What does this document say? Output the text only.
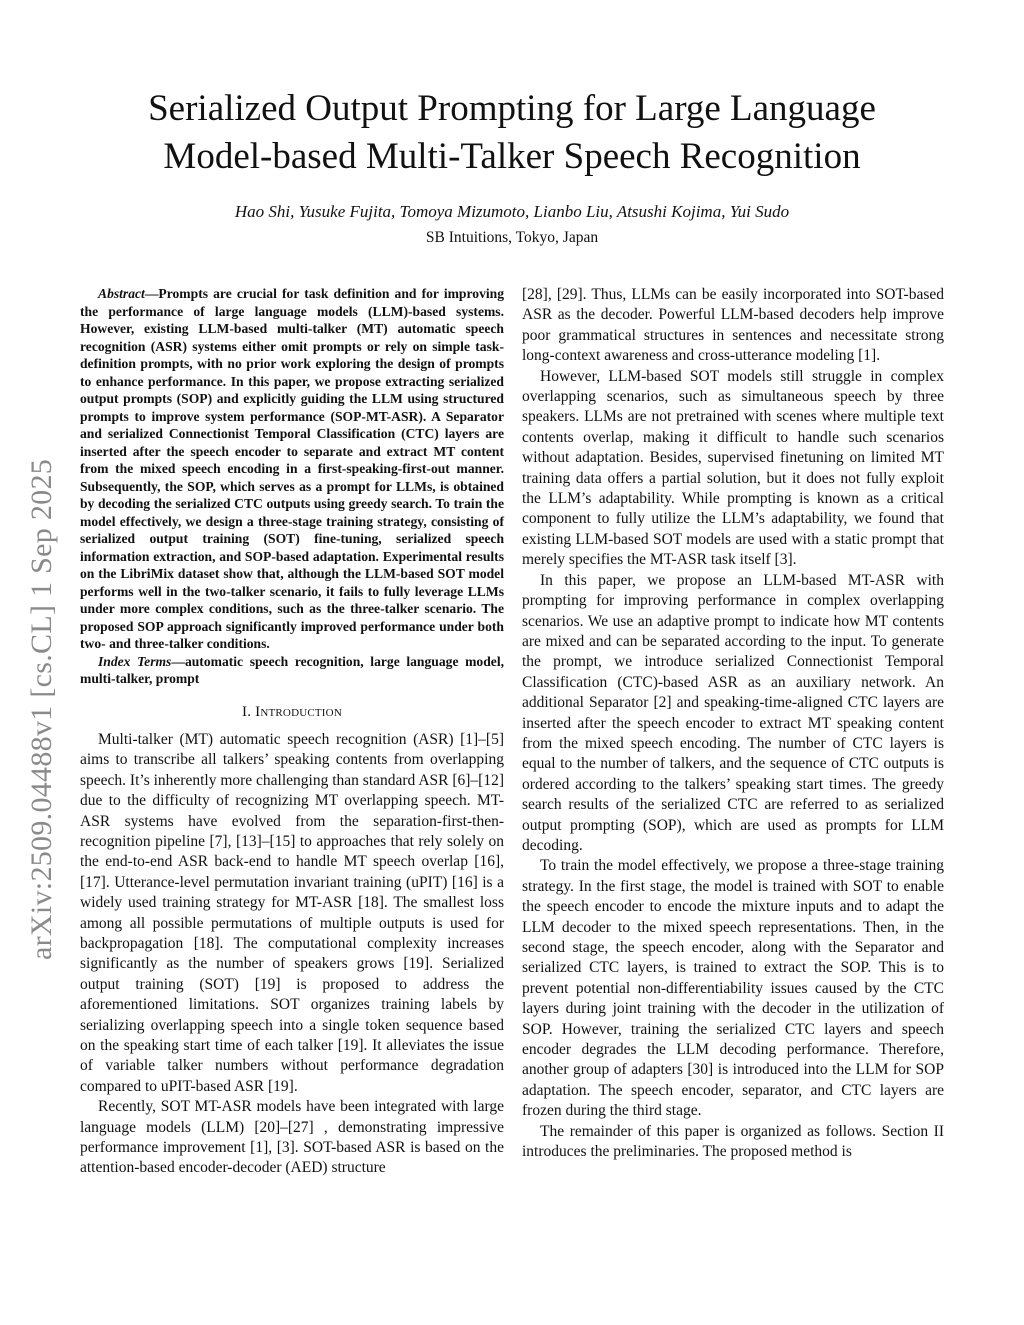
arXiv:2509.04488v1 [cs.CL] 1 Sep 2025
Serialized Output Prompting for Large Language
Model-based Multi-Talker Speech Recognition
Hao Shi, Yusuke Fujita, Tomoya Mizumoto, Lianbo Liu, Atsushi Kojima, Yui Sudo
SB Intuitions, Tokyo, Japan

Abstract—Prompts are crucial for task definition and for improving the performance of large language models (LLM)-based systems. However, existing LLM-based multi-talker (MT) automatic speech recognition (ASR) systems either omit prompts or rely on simple task-definition prompts, with no prior work exploring the design of prompts to enhance performance. In this paper, we propose extracting serialized output prompts (SOP) and explicitly guiding the LLM using structured prompts to improve system performance (SOP-MT-ASR). A Separator and serialized Connectionist Temporal Classification (CTC) layers are inserted after the speech encoder to separate and extract MT content from the mixed speech encoding in a first-speaking-first-out manner. Subsequently, the SOP, which serves as a prompt for LLMs, is obtained by decoding the serialized CTC outputs using greedy search. To train the model effectively, we design a three-stage training strategy, consisting of serialized output training (SOT) fine-tuning, serialized speech information extraction, and SOP-based adaptation. Experimental results on the LibriMix dataset show that, although the LLM-based SOT model performs well in the two-talker scenario, it fails to fully leverage LLMs under more complex conditions, such as the three-talker scenario. The proposed SOP approach significantly improved performance under both two- and three-talker conditions.

Index Terms—automatic speech recognition, large language model, multi-talker, prompt

I. Introduction

Multi-talker (MT) automatic speech recognition (ASR) [1]–[5] aims to transcribe all talkers’ speaking contents from overlapping speech. It’s inherently more challenging than standard ASR [6]–[12] due to the difficulty of recognizing MT overlapping speech. MT-ASR systems have evolved from the separation-first-then-recognition pipeline [7], [13]–[15] to approaches that rely solely on the end-to-end ASR back-end to handle MT speech overlap [16], [17]. Utterance-level permutation invariant training (uPIT) [16] is a widely used training strategy for MT-ASR [18]. The smallest loss among all possible permutations of multiple outputs is used for backpropagation [18]. The computational complexity increases significantly as the number of speakers grows [19]. Serialized output training (SOT) [19] is proposed to address the aforementioned limitations. SOT organizes training labels by serializing overlapping speech into a single token sequence based on the speaking start time of each talker [19]. It alleviates the issue of variable talker numbers without performance degradation compared to uPIT-based ASR [19].

Recently, SOT MT-ASR models have been integrated with large language models (LLM) [20]–[27] , demonstrating impressive performance improvement [1], [3]. SOT-based ASR is based on the attention-based encoder-decoder (AED) structure

[28], [29]. Thus, LLMs can be easily incorporated into SOT-based ASR as the decoder. Powerful LLM-based decoders help improve poor grammatical structures in sentences and necessitate strong long-context awareness and cross-utterance modeling [1].

However, LLM-based SOT models still struggle in complex overlapping scenarios, such as simultaneous speech by three speakers. LLMs are not pretrained with scenes where multiple text contents overlap, making it difficult to handle such scenarios without adaptation. Besides, supervised finetuning on limited MT training data offers a partial solution, but it does not fully exploit the LLM’s adaptability. While prompting is known as a critical component to fully utilize the LLM’s adaptability, we found that existing LLM-based SOT models are used with a static prompt that merely specifies the MT-ASR task itself [3].

In this paper, we propose an LLM-based MT-ASR with prompting for improving performance in complex overlapping scenarios. We use an adaptive prompt to indicate how MT contents are mixed and can be separated according to the input. To generate the prompt, we introduce serialized Connectionist Temporal Classification (CTC)-based ASR as an auxiliary network. An additional Separator [2] and speaking-time-aligned CTC layers are inserted after the speech encoder to extract MT speaking content from the mixed speech encoding. The number of CTC layers is equal to the number of talkers, and the sequence of CTC outputs is ordered according to the talkers’ speaking start times. The greedy search results of the serialized CTC are referred to as serialized output prompting (SOP), which are used as prompts for LLM decoding.

To train the model effectively, we propose a three-stage training strategy. In the first stage, the model is trained with SOT to enable the speech encoder to encode the mixture inputs and to adapt the LLM decoder to the mixed speech representations. Then, in the second stage, the speech encoder, along with the Separator and serialized CTC layers, is trained to extract the SOP. This is to prevent potential non-differentiability issues caused by the CTC layers during joint training with the decoder in the utilization of SOP. However, training the serialized CTC layers and speech encoder degrades the LLM decoding performance. Therefore, another group of adapters [30] is introduced into the LLM for SOP adaptation. The speech encoder, separator, and CTC layers are frozen during the third stage.

The remainder of this paper is organized as follows. Section II introduces the preliminaries. The proposed method is
